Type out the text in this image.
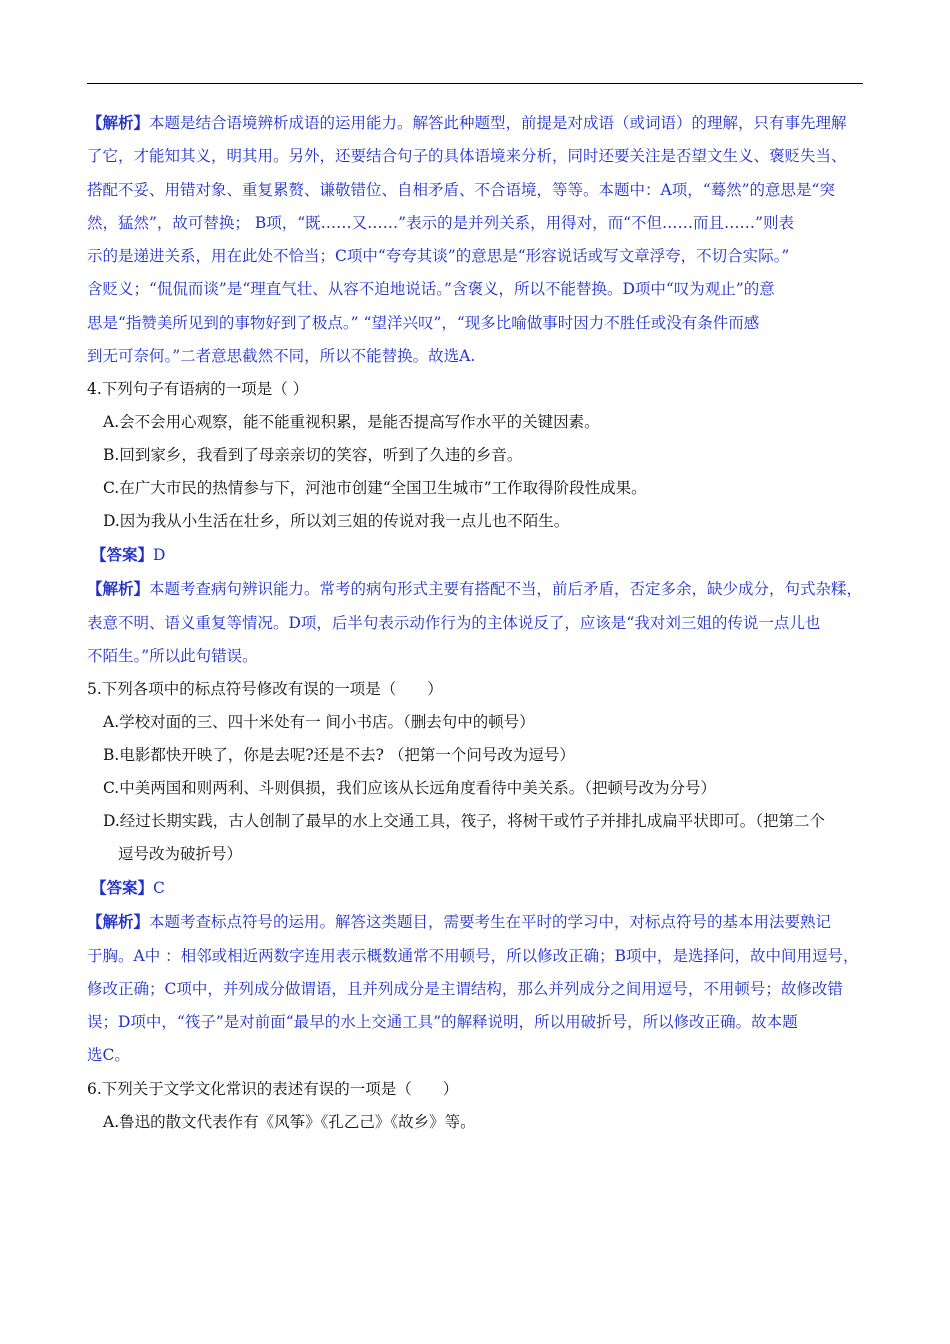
【解析】本题是结合语境辨析成语的运用能力。解答此种题型，前提是对成语（或词语）的理解，只有事先理解
了它，才能知其义，明其用。另外，还要结合句子的具体语境来分析，同时还要关注是否望文生义、褒贬失当、
搭配不妥、用错对象、重复累赘、谦敬错位、自相矛盾、不合语境，等等。本题中：A项，“蓦然”的意思是“突
然，猛然”，故可替换； B项，“既……又……”表示的是并列关系，用得对，而“不但……而且……”则表
示的是递进关系，用在此处不恰当；C项中“夸夸其谈”的意思是“形容说话或写文章浮夸，不切合实际。”
含贬义；“侃侃而谈”是“理直气壮、从容不迫地说话。”含褒义，所以不能替换。D项中“叹为观止”的意
思是“指赞美所见到的事物好到了极点。” “望洋兴叹”，“现多比喻做事时因力不胜任或没有条件而感
到无可奈何。”二者意思截然不同，所以不能替换。故选A.

4.下列句子有语病的一项是（ ）

A.会不会用心观察，能不能重视积累，是能否提高写作水平的关键因素。

B.回到家乡，我看到了母亲亲切的笑容，听到了久违的乡音。

C.在广大市民的热情参与下，河池市创建“全国卫生城市”工作取得阶段性成果。

D.因为我从小生活在壮乡，所以刘三姐的传说对我一点儿也不陌生。

【答案】D

【解析】本题考查病句辨识能力。常考的病句形式主要有搭配不当，前后矛盾，否定多余，缺少成分，句式杂糅，
表意不明、语义重复等情况。D项，后半句表示动作行为的主体说反了，应该是“我对刘三姐的传说一点儿也
不陌生。”所以此句错误。

5.下列各项中的标点符号修改有误的一项是（　　）

A.学校对面的三、四十米处有一 间小书店。（删去句中的顿号）

B.电影都快开映了，你是去呢?还是不去? （把第一个问号改为逗号）

C.中美两国和则两利、斗则俱损，我们应该从长远角度看待中美关系。（把顿号改为分号）

D.经过长期实践，古人创制了最早的水上交通工具，筏子，将树干或竹子并排扎成扁平状即可。（把第二个

逗号改为破折号）

【答案】C

【解析】本题考查标点符号的运用。解答这类题目，需要考生在平时的学习中，对标点符号的基本用法要熟记
于胸。A中 ：相邻或相近两数字连用表示概数通常不用顿号，所以修改正确；B项中，是选择问，故中间用逗号，
修改正确；C项中，并列成分做谓语，且并列成分是主谓结构，那么并列成分之间用逗号，不用顿号；故修改错
误；D项中，“筏子”是对前面“最早的水上交通工具”的解释说明，所以用破折号，所以修改正确。故本题
选C。

6.下列关于文学文化常识的表述有误的一项是（　　）

A.鲁迅的散文代表作有《风筝》《孔乙己》《故乡》等。
